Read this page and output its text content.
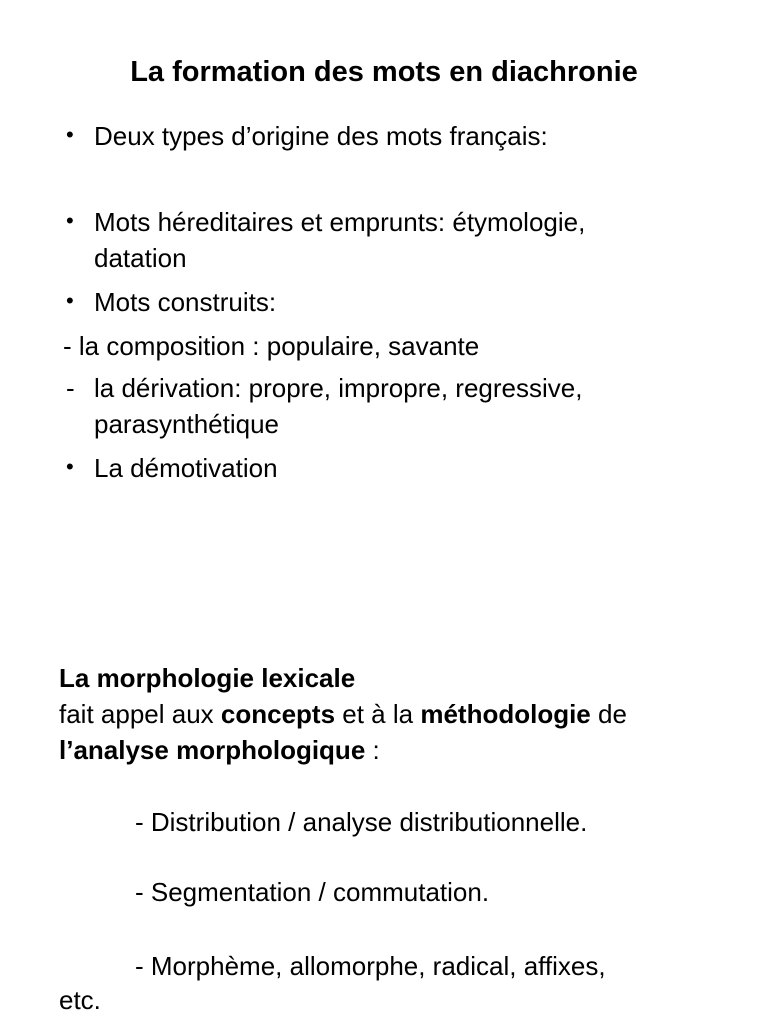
La formation des mots en diachronie
• Deux types d’origine des mots français:
• Mots héreditaires et emprunts: étymologie,
datation
• Mots construits:
- la composition : populaire, savante
- la dérivation: propre, impropre, regressive,
parasynthétique
• La démotivation
La morphologie lexicale
fait appel aux concepts et à la méthodologie de
l’analyse morphologique :
- Distribution / analyse distributionnelle.
- Segmentation / commutation.
- Morphème, allomorphe, radical, affixes,
etc.
